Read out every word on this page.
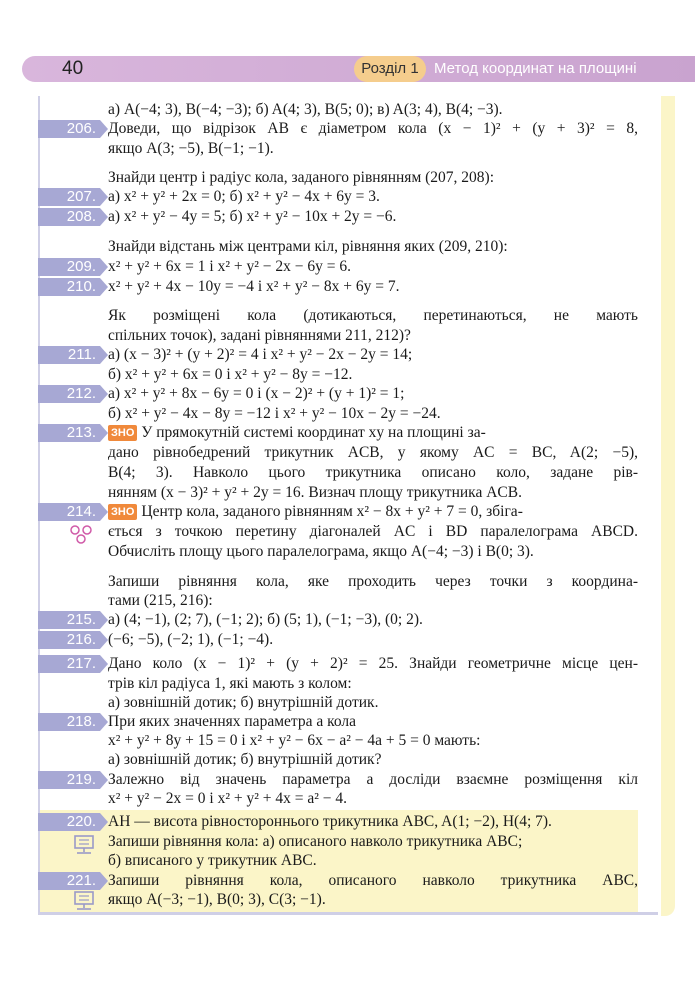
40	Розділ 1	Метод координат на площині
а) A(−4; 3), B(−4; −3); б) A(4; 3), B(5; 0); в) A(3; 4), B(4; −3).
206. Доведи, що відрізок AB є діаметром кола (x − 1)² + (y + 3)² = 8,
якщо A(3; −5), B(−1; −1).
Знайди центр і радіус кола, заданого рівнянням (207, 208):
207. а) x² + y² + 2x = 0; б) x² + y² − 4x + 6y = 3.
208. а) x² + y² − 4y = 5; б) x² + y² − 10x + 2y = −6.
Знайди відстань між центрами кіл, рівняння яких (209, 210):
209. x² + y² + 6x = 1 і x² + y² − 2x − 6y = 6.
210. x² + y² + 4x − 10y = −4 і x² + y² − 8x + 6y = 7.
Як розміщені кола (дотикаються, перетинаються, не мають
спільних точок), задані рівняннями 211, 212)?
211. а) (x − 3)² + (y + 2)² = 4 і x² + y² − 2x − 2y = 14;
б) x² + y² + 6x = 0 і x² + y² − 8y = −12.
212. а) x² + y² + 8x − 6y = 0 і (x − 2)² + (y + 1)² = 1;
б) x² + y² − 4x − 8y = −12 і x² + y² − 10x − 2y = −24.
213.	ЗНО У прямокутній системі координат xy на площині за-
дано рівнобедрений трикутник ACB, у якому AC = BC, A(2; −5),
B(4; 3). Навколо цього трикутника описано коло, задане рів-
нянням (x − 3)² + y² + 2y = 16. Визнач площу трикутника ACB.
214.	ЗНО Центр кола, заданого рівнянням x² − 8x + y² + 7 = 0, збіга-
ється з точкою перетину діагоналей AC і BD паралелограма ABCD.
Обчисліть площу цього паралелограма, якщо A(−4; −3) і B(0; 3).
Запиши рівняння кола, яке проходить через точки з координа-
тами (215, 216):
215. а) (4; −1), (2; 7), (−1; 2); б) (5; 1), (−1; −3), (0; 2).
216. (−6; −5), (−2; 1), (−1; −4).
217. Дано коло (x − 1)² + (y + 2)² = 25. Знайди геометричне місце цен-
трів кіл радіуса 1, які мають з колом:
а) зовнішній дотик; б) внутрішній дотик.
218. При яких значеннях параметра a кола
x² + y² + 8y + 15 = 0 і x² + y² − 6x − a² − 4a + 5 = 0 мають:
а) зовнішній дотик; б) внутрішній дотик?
219. Залежно від значень параметра a досліди взаємне розміщення кіл
x² + y² − 2x = 0 і x² + y² + 4x = a² − 4.
220. AH — висота рівностороннього трикутника ABC, A(1; −2), H(4; 7).
Запиши рівняння кола: а) описаного навколо трикутника ABC;
б) вписаного у трикутник ABC.
221. Запиши рівняння кола, описаного навколо трикутника ABC,
якщо A(−3; −1), B(0; 3), C(3; −1).
